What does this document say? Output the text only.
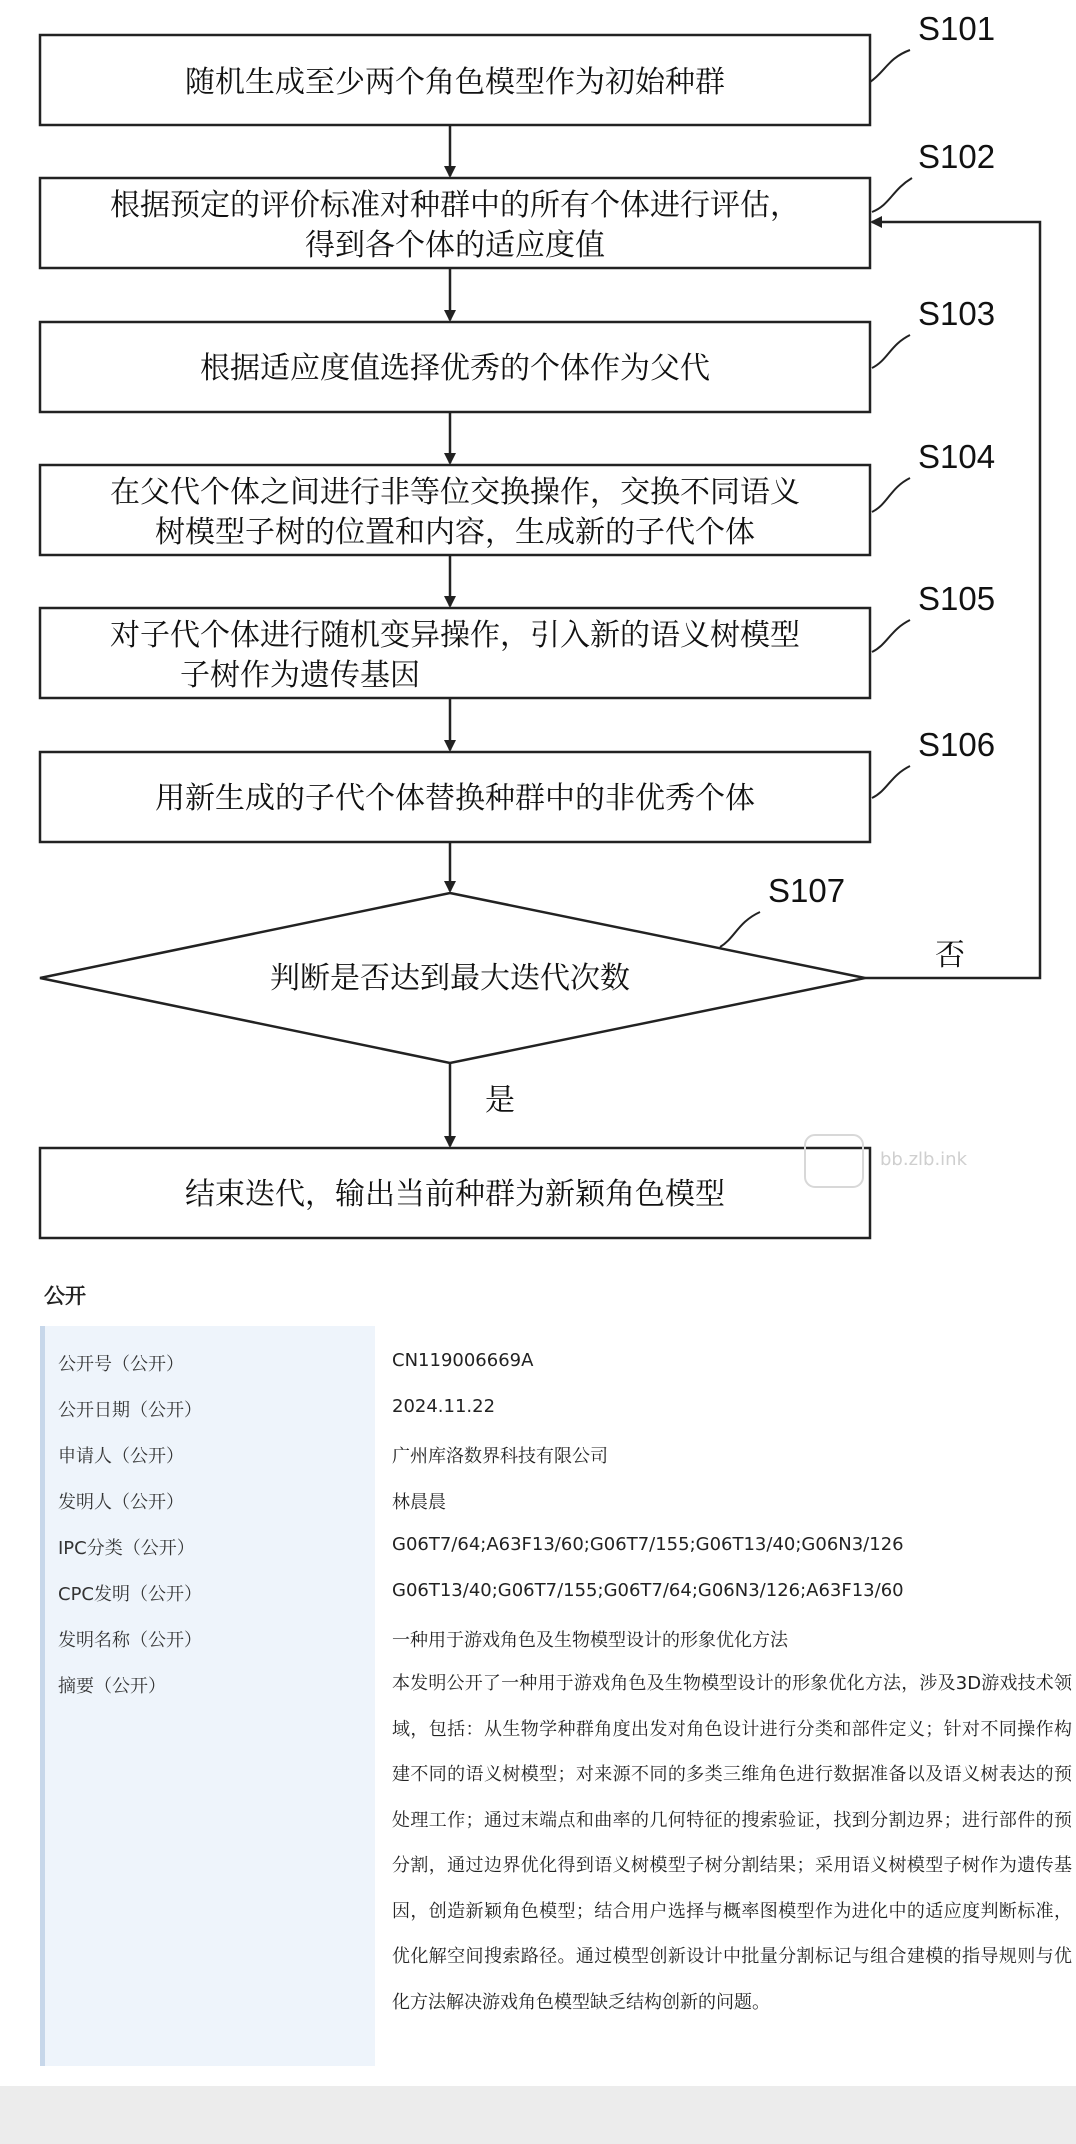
随机生成至少两个角色模型作为初始种群
根据预定的评价标准对种群中的所有个体进行评估，
得到各个体的适应度值
根据适应度值选择优秀的个体作为父代
在父代个体之间进行非等位交换操作，交换不同语义
树模型子树的位置和内容，生成新的子代个体
对子代个体进行随机变异操作，引入新的语义树模型
子树作为遗传基因
用新生成的子代个体替换种群中的非优秀个体
判断是否达到最大迭代次数
结束迭代，输出当前种群为新颖角色模型
是
否
S101
S102
S103
S104
S105
S106
S107
bb.zlb.ink
公开
公开号（公开）	CN119006669A
公开日期（公开）	2024.11.22
申请人（公开）	广州库洛数界科技有限公司
发明人（公开）	林晨晨
IPC分类（公开）	G06T7/64;A63F13/60;G06T7/155;G06T13/40;G06N3/126
CPC发明（公开）	G06T13/40;G06T7/155;G06T7/64;G06N3/126;A63F13/60
发明名称（公开）	一种用于游戏角色及生物模型设计的形象优化方法
摘要（公开）	本发明公开了一种用于游戏角色及生物模型设计的形象优化方法，涉及3D游戏技术领域，包括：从生物学种群角度出发对角色设计进行分类和部件定义；针对不同操作构建不同的语义树模型；对来源不同的多类三维角色进行数据准备以及语义树表达的预处理工作；通过末端点和曲率的几何特征的搜索验证，找到分割边界；进行部件的预分割，通过边界优化得到语义树模型子树分割结果；采用语义树模型子树作为遗传基因，创造新颖角色模型；结合用户选择与概率图模型作为进化中的适应度判断标准，优化解空间搜索路径。通过模型创新设计中批量分割标记与组合建模的指导规则与优化方法解决游戏角色模型缺乏结构创新的问题。
